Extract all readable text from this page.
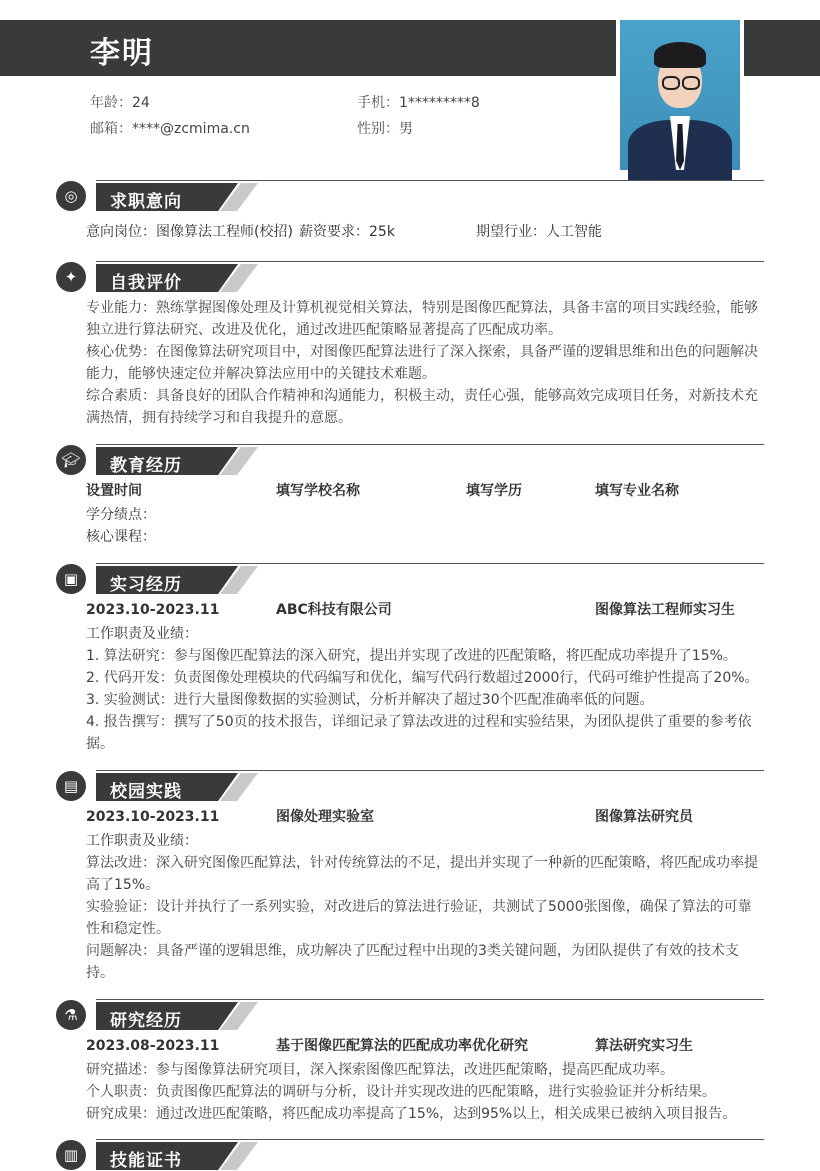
李明
年龄：24	手机：1*********8
邮箱：****@zcmima.cn	性别：男
◎	求职意向
意向岗位：图像算法工程师(校招) 薪资要求：25k	期望行业：人工智能
✦	自我评价
专业能力：熟练掌握图像处理及计算机视觉相关算法，特别是图像匹配算法，具备丰富的项目实践经验，能够独立进行算法研究、改进及优化，通过改进匹配策略显著提高了匹配成功率。
核心优势：在图像算法研究项目中，对图像匹配算法进行了深入探索，具备严谨的逻辑思维和出色的问题解决能力，能够快速定位并解决算法应用中的关键技术难题。
综合素质：具备良好的团队合作精神和沟通能力，积极主动，责任心强，能够高效完成项目任务，对新技术充满热情，拥有持续学习和自我提升的意愿。
🎓︎	教育经历
设置时间	填写学校名称	填写学历	填写专业名称
学分绩点：
核心课程：
▣	实习经历
2023.10-2023.11	ABC科技有限公司	图像算法工程师实习生
工作职责及业绩：
1. 算法研究：参与图像匹配算法的深入研究，提出并实现了改进的匹配策略，将匹配成功率提升了15%。
2. 代码开发：负责图像处理模块的代码编写和优化，编写代码行数超过2000行，代码可维护性提高了20%。
3. 实验测试：进行大量图像数据的实验测试，分析并解决了超过30个匹配准确率低的问题。
4. 报告撰写：撰写了50页的技术报告，详细记录了算法改进的过程和实验结果，为团队提供了重要的参考依据。
▤	校园实践
2023.10-2023.11	图像处理实验室	图像算法研究员
工作职责及业绩：
算法改进：深入研究图像匹配算法，针对传统算法的不足，提出并实现了一种新的匹配策略，将匹配成功率提高了15%。
实验验证：设计并执行了一系列实验，对改进后的算法进行验证，共测试了5000张图像，确保了算法的可靠性和稳定性。
问题解决：具备严谨的逻辑思维，成功解决了匹配过程中出现的3类关键问题，为团队提供了有效的技术支持。
⚗	研究经历
2023.08-2023.11	基于图像匹配算法的匹配成功率优化研究	算法研究实习生
研究描述：参与图像算法研究项目，深入探索图像匹配算法，改进匹配策略，提高匹配成功率。
个人职责：负责图像匹配算法的调研与分析，设计并实现改进的匹配策略，进行实验验证并分析结果。
研究成果：通过改进匹配策略，将匹配成功率提高了15%，达到95%以上，相关成果已被纳入项目报告。
▥	技能证书
